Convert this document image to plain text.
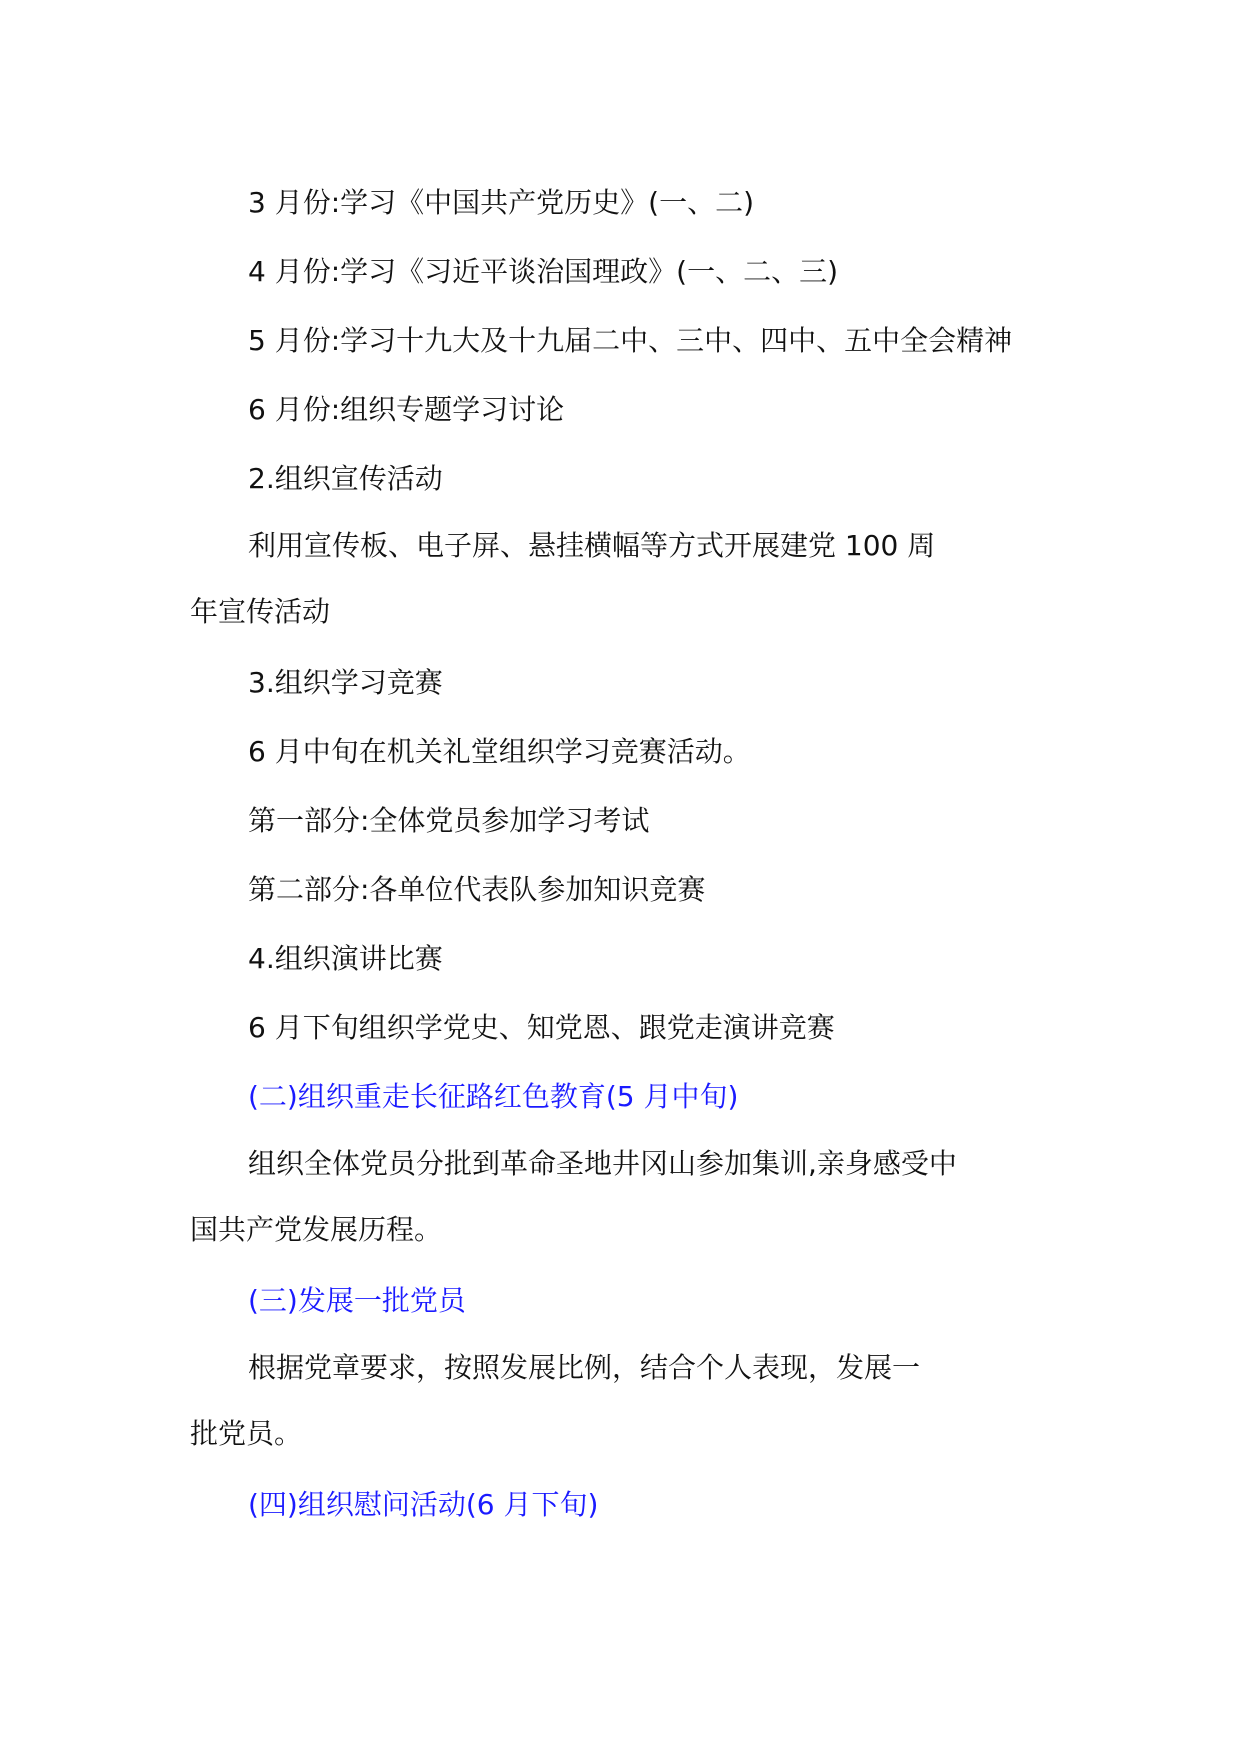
3 月份:学习《中国共产党历史》(一、二)

4 月份:学习《习近平谈治国理政》(一、二、三)

5 月份:学习十九大及十九届二中、三中、四中、五中全会精神

6 月份:组织专题学习讨论

2.组织宣传活动

利用宣传板、电子屏、悬挂横幅等方式开展建党 100 周年宣传活动

3.组织学习竞赛

6 月中旬在机关礼堂组织学习竞赛活动。

第一部分:全体党员参加学习考试

第二部分:各单位代表队参加知识竞赛

4.组织演讲比赛

6 月下旬组织学党史、知党恩、跟党走演讲竞赛

(二)组织重走长征路红色教育(5 月中旬)

组织全体党员分批到革命圣地井冈山参加集训,亲身感受中国共产党发展历程。

(三)发展一批党员

根据党章要求，按照发展比例，结合个人表现，发展一批党员。

(四)组织慰问活动(6 月下旬)
